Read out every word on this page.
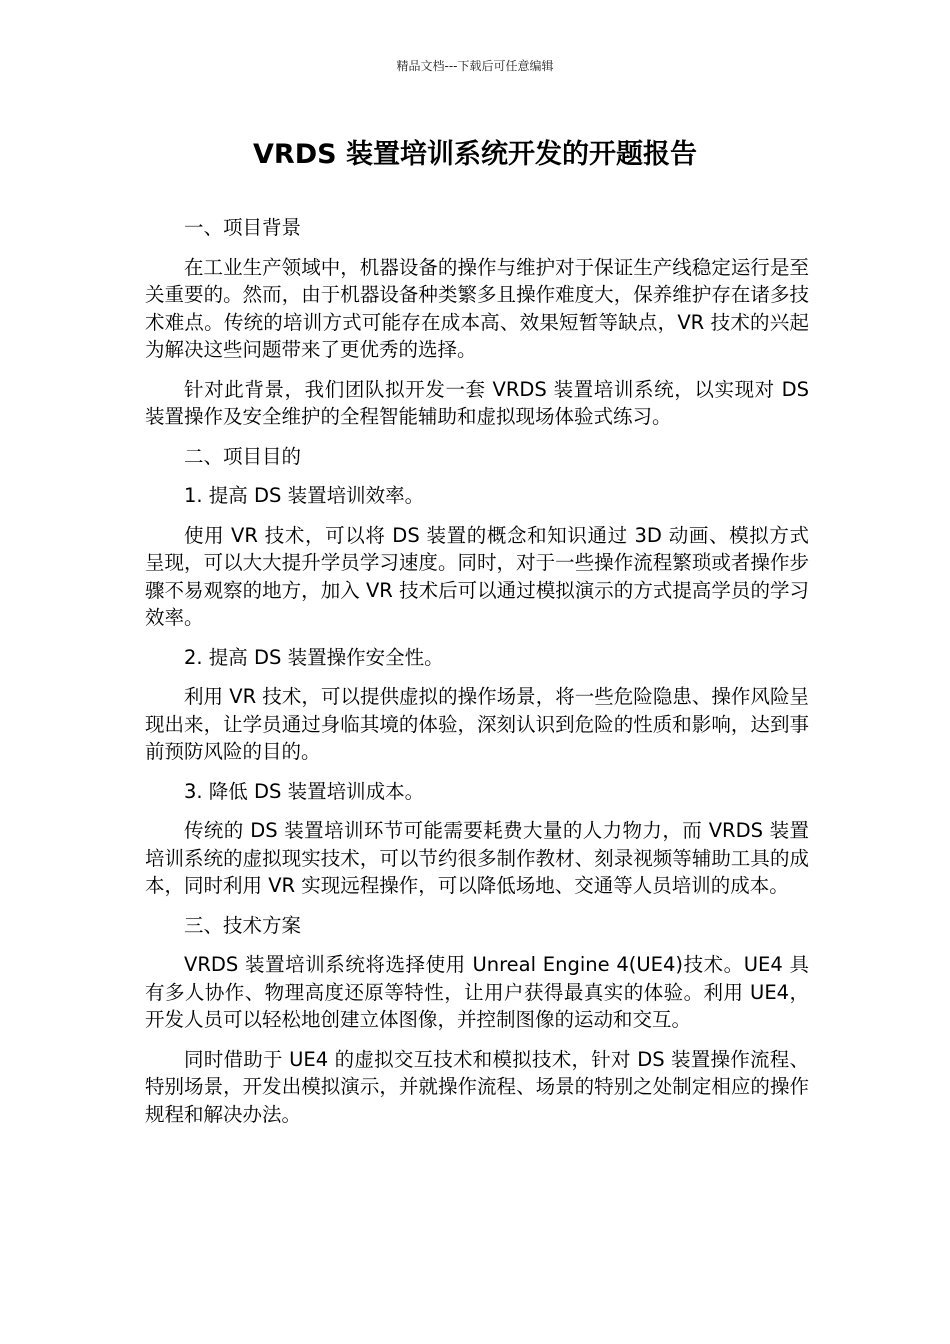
精品文档---下载后可任意编辑
VRDS 装置培训系统开发的开题报告

一、项目背景

在工业生产领域中，机器设备的操作与维护对于保证生产线稳定运行是至关重要的。然而，由于机器设备种类繁多且操作难度大，保养维护存在诸多技术难点。传统的培训方式可能存在成本高、效果短暂等缺点，VR 技术的兴起为解决这些问题带来了更优秀的选择。

针对此背景，我们团队拟开发一套 VRDS 装置培训系统，以实现对 DS 装置操作及安全维护的全程智能辅助和虚拟现场体验式练习。

二、项目目的

1. 提高 DS 装置培训效率。

使用 VR 技术，可以将 DS 装置的概念和知识通过 3D 动画、模拟方式呈现，可以大大提升学员学习速度。同时，对于一些操作流程繁琐或者操作步骤不易观察的地方，加入 VR 技术后可以通过模拟演示的方式提高学员的学习效率。

2. 提高 DS 装置操作安全性。

利用 VR 技术，可以提供虚拟的操作场景，将一些危险隐患、操作风险呈现出来，让学员通过身临其境的体验，深刻认识到危险的性质和影响，达到事前预防风险的目的。

3. 降低 DS 装置培训成本。

传统的 DS 装置培训环节可能需要耗费大量的人力物力，而 VRDS 装置培训系统的虚拟现实技术，可以节约很多制作教材、刻录视频等辅助工具的成本，同时利用 VR 实现远程操作，可以降低场地、交通等人员培训的成本。

三、技术方案

VRDS 装置培训系统将选择使用 Unreal Engine 4(UE4)技术。UE4 具有多人协作、物理高度还原等特性，让用户获得最真实的体验。利用 UE4，开发人员可以轻松地创建立体图像，并控制图像的运动和交互。

同时借助于 UE4 的虚拟交互技术和模拟技术，针对 DS 装置操作流程、特别场景，开发出模拟演示，并就操作流程、场景的特别之处制定相应的操作规程和解决办法。
